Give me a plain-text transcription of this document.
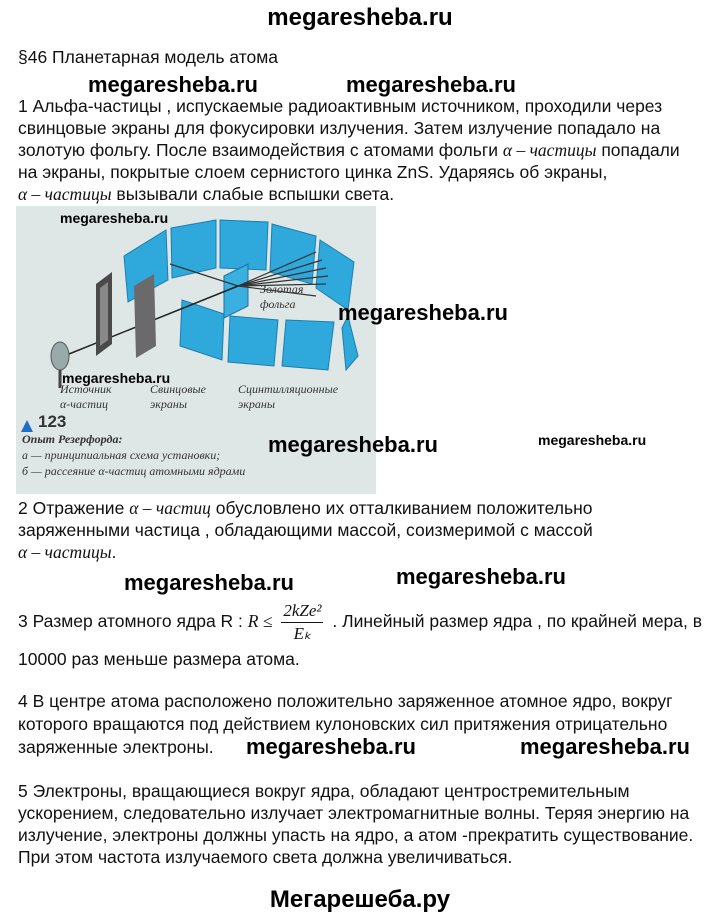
megaresheba.ru
§46 Планетарная модель атома
megaresheba.ru	megaresheba.ru
1 Альфа-частицы , испускаемые радиоактивным источником, проходили через
свинцовые экраны для фокусировки излучения. Затем излучение попадало на
золотую фольгу. После взаимодействия с атомами фольги α – частицы попадали
на экраны, покрытые слоем сернистого цинка ZnS. Ударяясь об экраны,
α – частицы вызывали слабые вспышки света.
Золотая
фольга
Источник
α-частиц
Свинцовые
экраны
Сцинтилляционные
экраны
123
Опыт Резерфорда:
а — принципиальная схема установки;
б — рассеяние α-частиц атомными ядрами
megaresheba.ru
megaresheba.ru
megaresheba.ru
megaresheba.ru	megaresheba.ru
2 Отражение α – частиц обусловлено их отталкиванием положительно
заряженными частица , обладающими массой, соизмеримой с массой
α – частицы.
megaresheba.ru	megaresheba.ru
3 Размер атомного ядра R : $R \le \frac{\text{2kZe²}}{\text{Eₖ}}$ . Линейный размер ядра , по крайней мера, в
10000 раз меньше размера атома.
4 В центре атома расположено положительно заряженное атомное ядро, вокруг
которого вращаются под действием кулоновских сил притяжения отрицательно
заряженные электроны. megaresheba.ru	megaresheba.ru
5 Электроны, вращающиеся вокруг ядра, обладают центростремительным
ускорением, следовательно излучает электромагнитные волны. Теряя энергию на
излучение, электроны должны упасть на ядро, а атом -прекратить существование.
При этом частота излучаемого света должна увеличиваться.
Мегарешеба.ру
